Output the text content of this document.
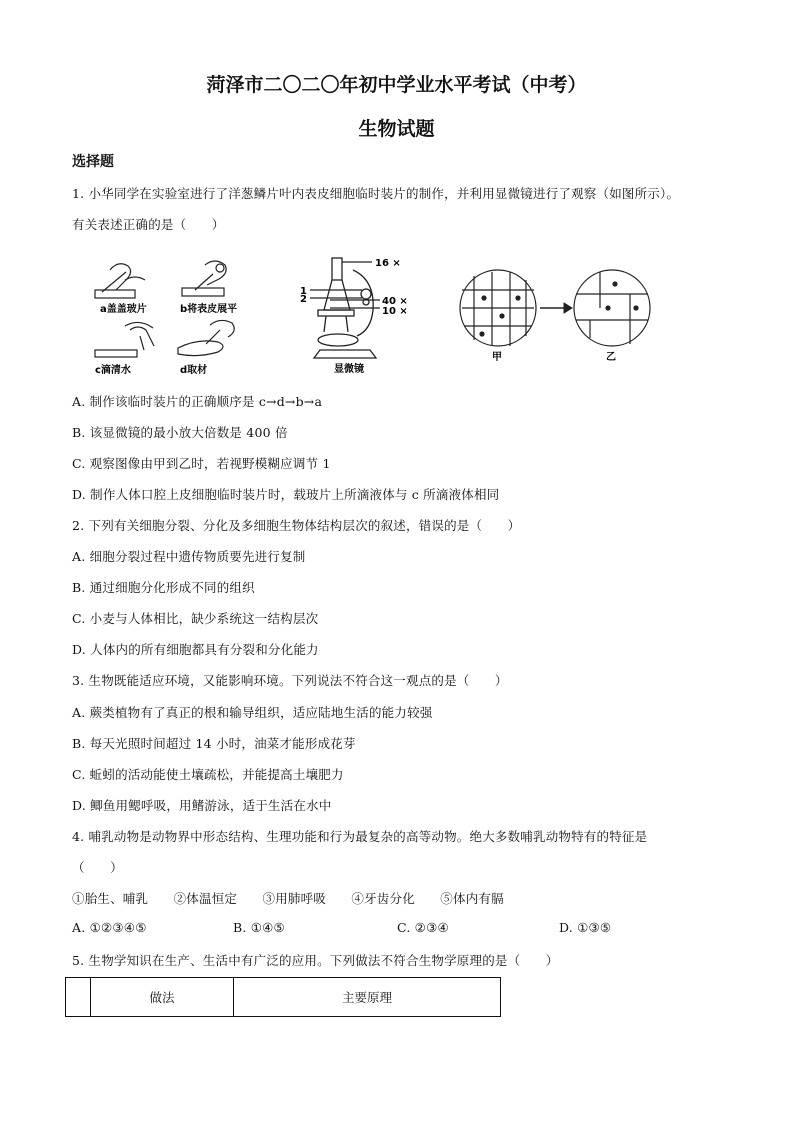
菏泽市二〇二〇年初中学业水平考试（中考）
生物试题
选择题
1. 小华同学在实验室进行了洋葱鳞片叶内表皮细胞临时装片的制作，并利用显微镜进行了观察（如图所示）。
有关表述正确的是（　　）
a盖盖玻片	b将表皮展平
c滴清水	d取材
16 ×
40 ×
10 ×
1
2
显微镜
甲	乙
A. 制作该临时装片的正确顺序是 c→d→b→a
B. 该显微镜的最小放大倍数是 400 倍
C. 观察图像由甲到乙时，若视野模糊应调节 1
D. 制作人体口腔上皮细胞临时装片时，载玻片上所滴液体与 c 所滴液体相同
2. 下列有关细胞分裂、分化及多细胞生物体结构层次的叙述，错误的是（　　）
A. 细胞分裂过程中遗传物质要先进行复制
B. 通过细胞分化形成不同的组织
C. 小麦与人体相比，缺少系统这一结构层次
D. 人体内的所有细胞都具有分裂和分化能力
3. 生物既能适应环境，又能影响环境。下列说法不符合这一观点的是（　　）
A. 蕨类植物有了真正的根和输导组织，适应陆地生活的能力较强
B. 每天光照时间超过 14 小时，油菜才能形成花芽
C. 蚯蚓的活动能使土壤疏松，并能提高土壤肥力
D. 鲫鱼用鳃呼吸，用鳍游泳，适于生活在水中
4. 哺乳动物是动物界中形态结构、生理功能和行为最复杂的高等动物。绝大多数哺乳动物特有的特征是
（　　）
①胎生、哺乳　　②体温恒定　　③用肺呼吸　　④牙齿分化　　⑤体内有膈
A. ①②③④⑤	B. ①④⑤	C. ②③④	D. ①③⑤
5. 生物学知识在生产、生活中有广泛的应用。下列做法不符合生物学原理的是（　　）
	做法	主要原理
